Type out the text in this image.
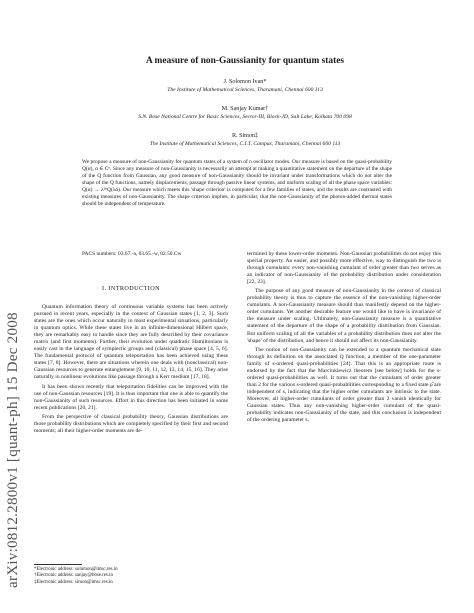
arXiv:0812.2800v1 [quant-ph] 15 Dec 2008
A measure of non-Gaussianity for quantum states
J. Solomon Ivan*
The Institute of Mathematical Sciences, Tharamani, Chennai 600 113
M. Sanjay Kumar†
S.N. Bose National Centre for Basic Sciences, Sector-III, Block-JD, Salt Lake, Kolkata 700 098
R. Simon‡
The Institute of Mathematical Sciences, C.I.T. Campus, Tharamani, Chennai 600 113
We propose a measure of non-Gaussianity for quantum states of a system of n oscillator modes. Our measure is based on the quasi-probability Q(α), α ∈ Cⁿ. Since any measure of non-Gaussianity is necessarily an attempt at making a quantitative statement on the departure of the shape of the Q function from Gaussian, any good measure of non-Gaussianity should be invariant under transformations which do not alter the shape of the Q functions, namely displacements, passage through passive linear systems, and uniform scaling of all the phase space variables: Q(α) → λ²ⁿQ(λα). Our measure which meets this 'shape criterion' is computed for a few families of states, and the results are contrasted with existing measures of non-Gaussianity. The shape criterion implies, in particular, that the non-Gaussianity of the photon-added thermal states should be independent of temperature.
PACS numbers: 03.67.-a, 03.65.-w, 02.50.Cw
I. INTRODUCTION

Quantum information theory of continuous variable systems has been actively pursued in recent years, especially in the context of Gaussian states [1, 2, 3]. Such states are the ones which occur naturally in most experimental situations, particularly in quantum optics. While these states live in an infinite-dimensional Hilbert space, they are remarkably easy to handle since they are fully described by their covariance matrix (and first moments). Further, their evolution under quadratic Hamiltonians is easily cast in the language of symplectic groups and (classical) phase space [4, 5, 6]. The fundamental protocol of quantum teleportation has been achieved using these states [7, 8]. However, there are situations wherein one deals with (nonclassical) non-Gaussian resources to generate entanglement [9, 10, 11, 12, 13, 14, 15, 16]. They arise naturally in nonlinear evolutions like passage through a Kerr medium [17, 18].

It has been shown recently that teleportation fidelities can be improved with the use of non-Gaussian resources [19]. It is thus important that one is able to quantify the non-Gaussianity of such resources. Effort in this direction has been initiated in some recent publications [20, 21].

From the perspective of classical probability theory, Gaussian distributions are those probability distributions which are completely specified by their first and second moments; all their higher-order moments are de-

termined by these lower-order moments. Non-Gaussian probabilities do not enjoy this special property. An easier, and possibly more effective, way to distinguish the two is through cumulants: every non-vanishing cumulant of order greater than two serves as an indicator of non-Gaussianity of the probability distribution under consideration [22, 23].

The purpose of any good measure of non-Gaussianity in the context of classical probability theory is thus to capture the essence of the non-vanishing higher-order cumulants. A non-Gaussianity measure should thus manifestly depend on the higher-order cumulants. Yet another desirable feature one would like to have is invariance of the measure under scaling. Ultimately, non-Gaussianity measure is a quantitative statement of the departure of the shape of a probability distribution from Gaussian. But uniform scaling of all the variables of a probability distribution does not alter the 'shape' of the distribution, and hence it should not affect its non-Gaussianity.

The notion of non-Gaussianity can be extended to a quantum mechanical state through its definition on the associated Q function, a member of the one-parameter family of s-ordered quasi-probabilities [24]. That this is an appropriate route is endorsed by the fact that the Marcinkiewicz theorem [see below] holds for the s-ordered quasi-probabilities as well. It turns out that the cumulants of order greater than 2 for the various s-ordered quasi-probabilities corresponding to a fixed state ρ̂ are independent of s, indicating that the higher order cumulants are intrinsic to the state. Moreover, all higher-order cumulants of order greater than 2 vanish identically for Gaussian states. Thus any non-vanishing higher-order cumulant of the quasi-probability indicates non-Gaussianity of the state, and this conclusion is independent of the ordering parameter s.

*Electronic address: solomon@imsc.res.in
†Electronic address: sanjay@bose.res.in
‡Electronic address: simon@imsc.res.in
